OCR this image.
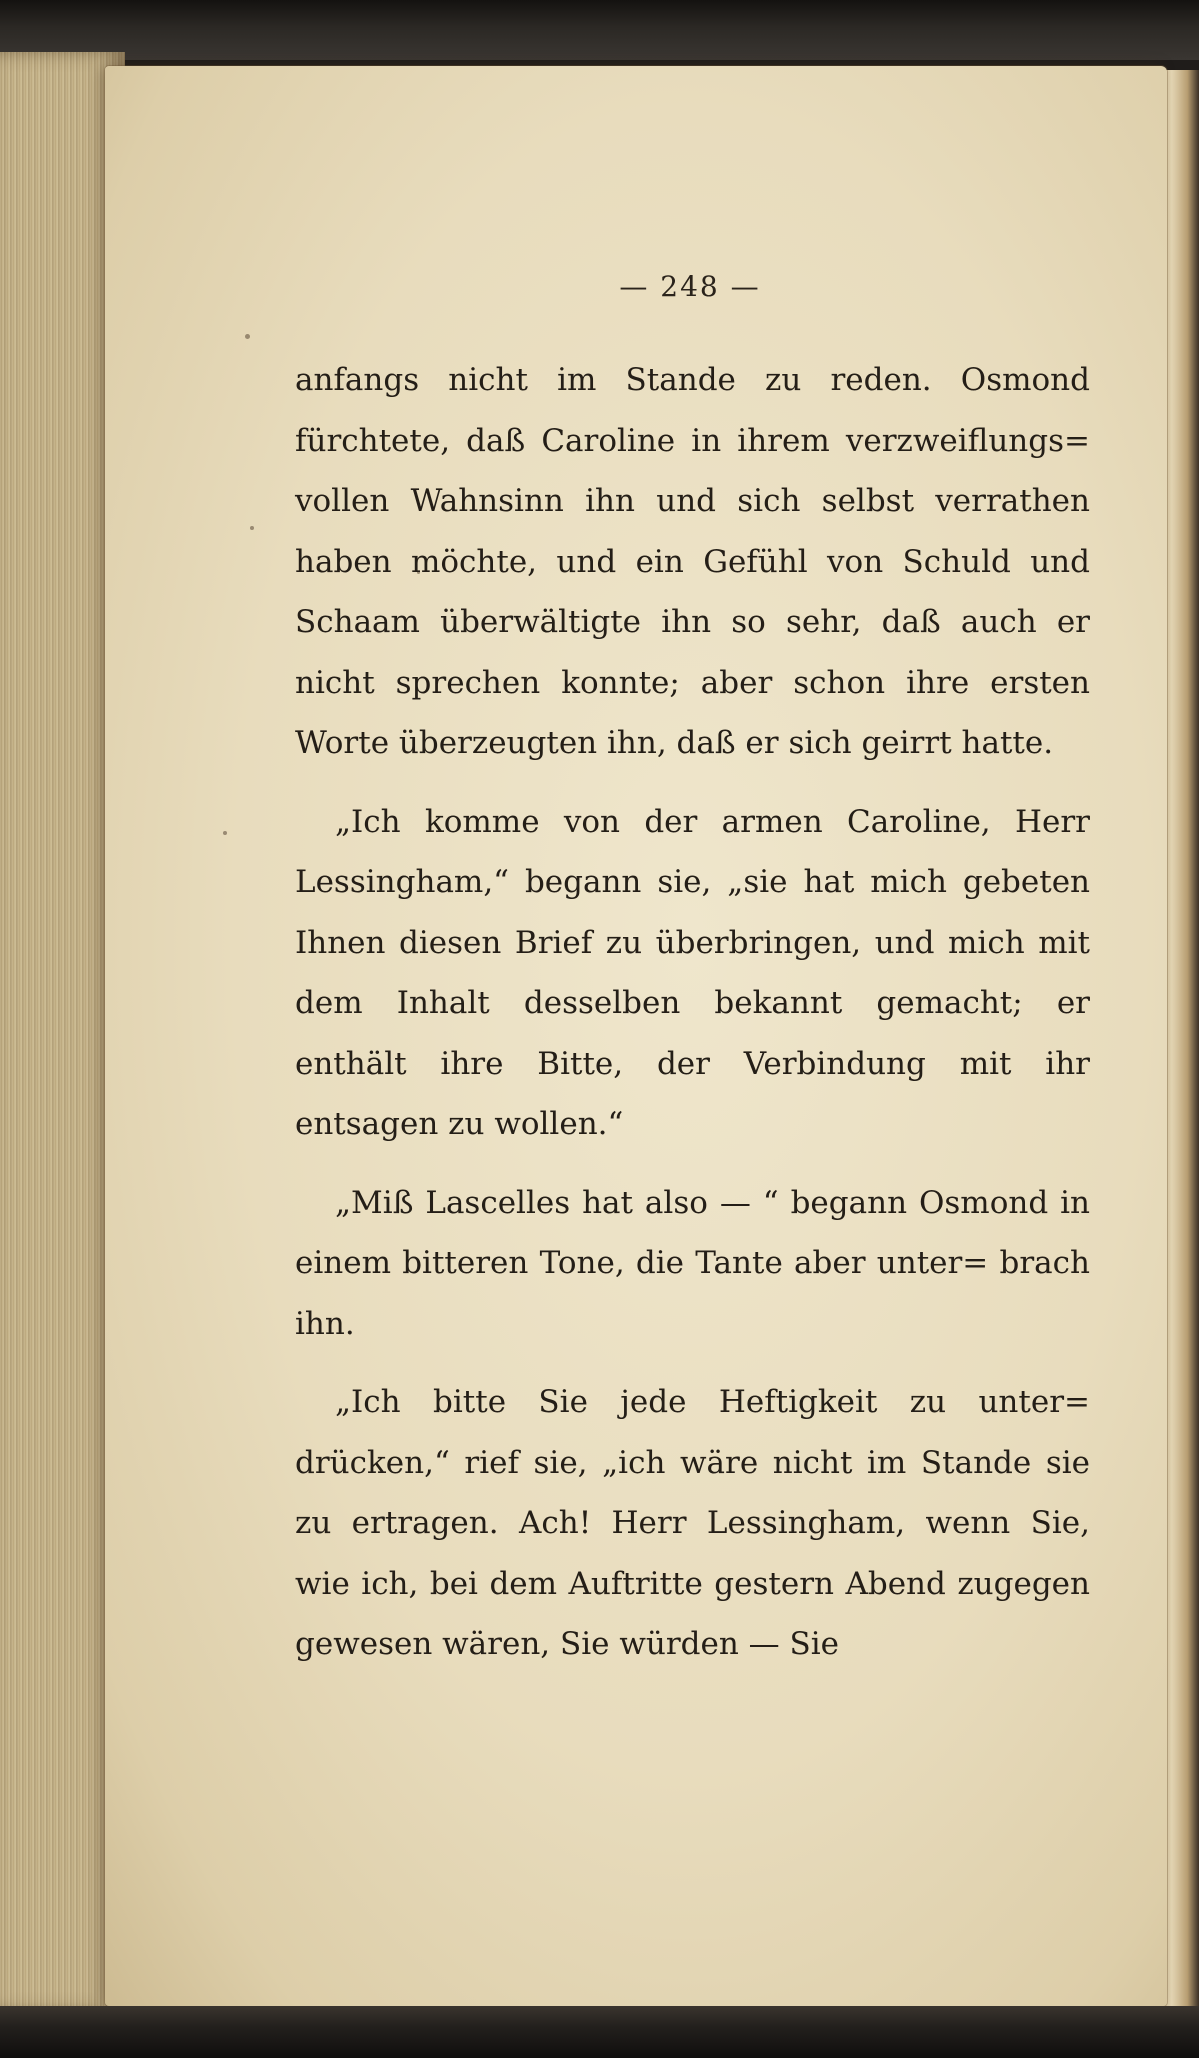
— 248 —

anfangs nicht im Stande zu reden. Osmond fürchtete, daß Caroline in ihrem verzweiflungs= vollen Wahnsinn ihn und sich selbst verrathen haben möchte, und ein Gefühl von Schuld und Schaam überwältigte ihn so sehr, daß auch er nicht sprechen konnte; aber schon ihre ersten Worte überzeugten ihn, daß er sich geirrt hatte.

„Ich komme von der armen Caroline, Herr Lessingham,“ begann sie, „sie hat mich gebeten Ihnen diesen Brief zu überbringen, und mich mit dem Inhalt desselben bekannt gemacht; er enthält ihre Bitte, der Verbindung mit ihr entsagen zu wollen.“

„Miß Lascelles hat also — “ begann Osmond in einem bitteren Tone, die Tante aber unter= brach ihn.

„Ich bitte Sie jede Heftigkeit zu unter= drücken,“ rief sie, „ich wäre nicht im Stande sie zu ertragen. Ach! Herr Lessingham, wenn Sie, wie ich, bei dem Auftritte gestern Abend zugegen gewesen wären, Sie würden — Sie
